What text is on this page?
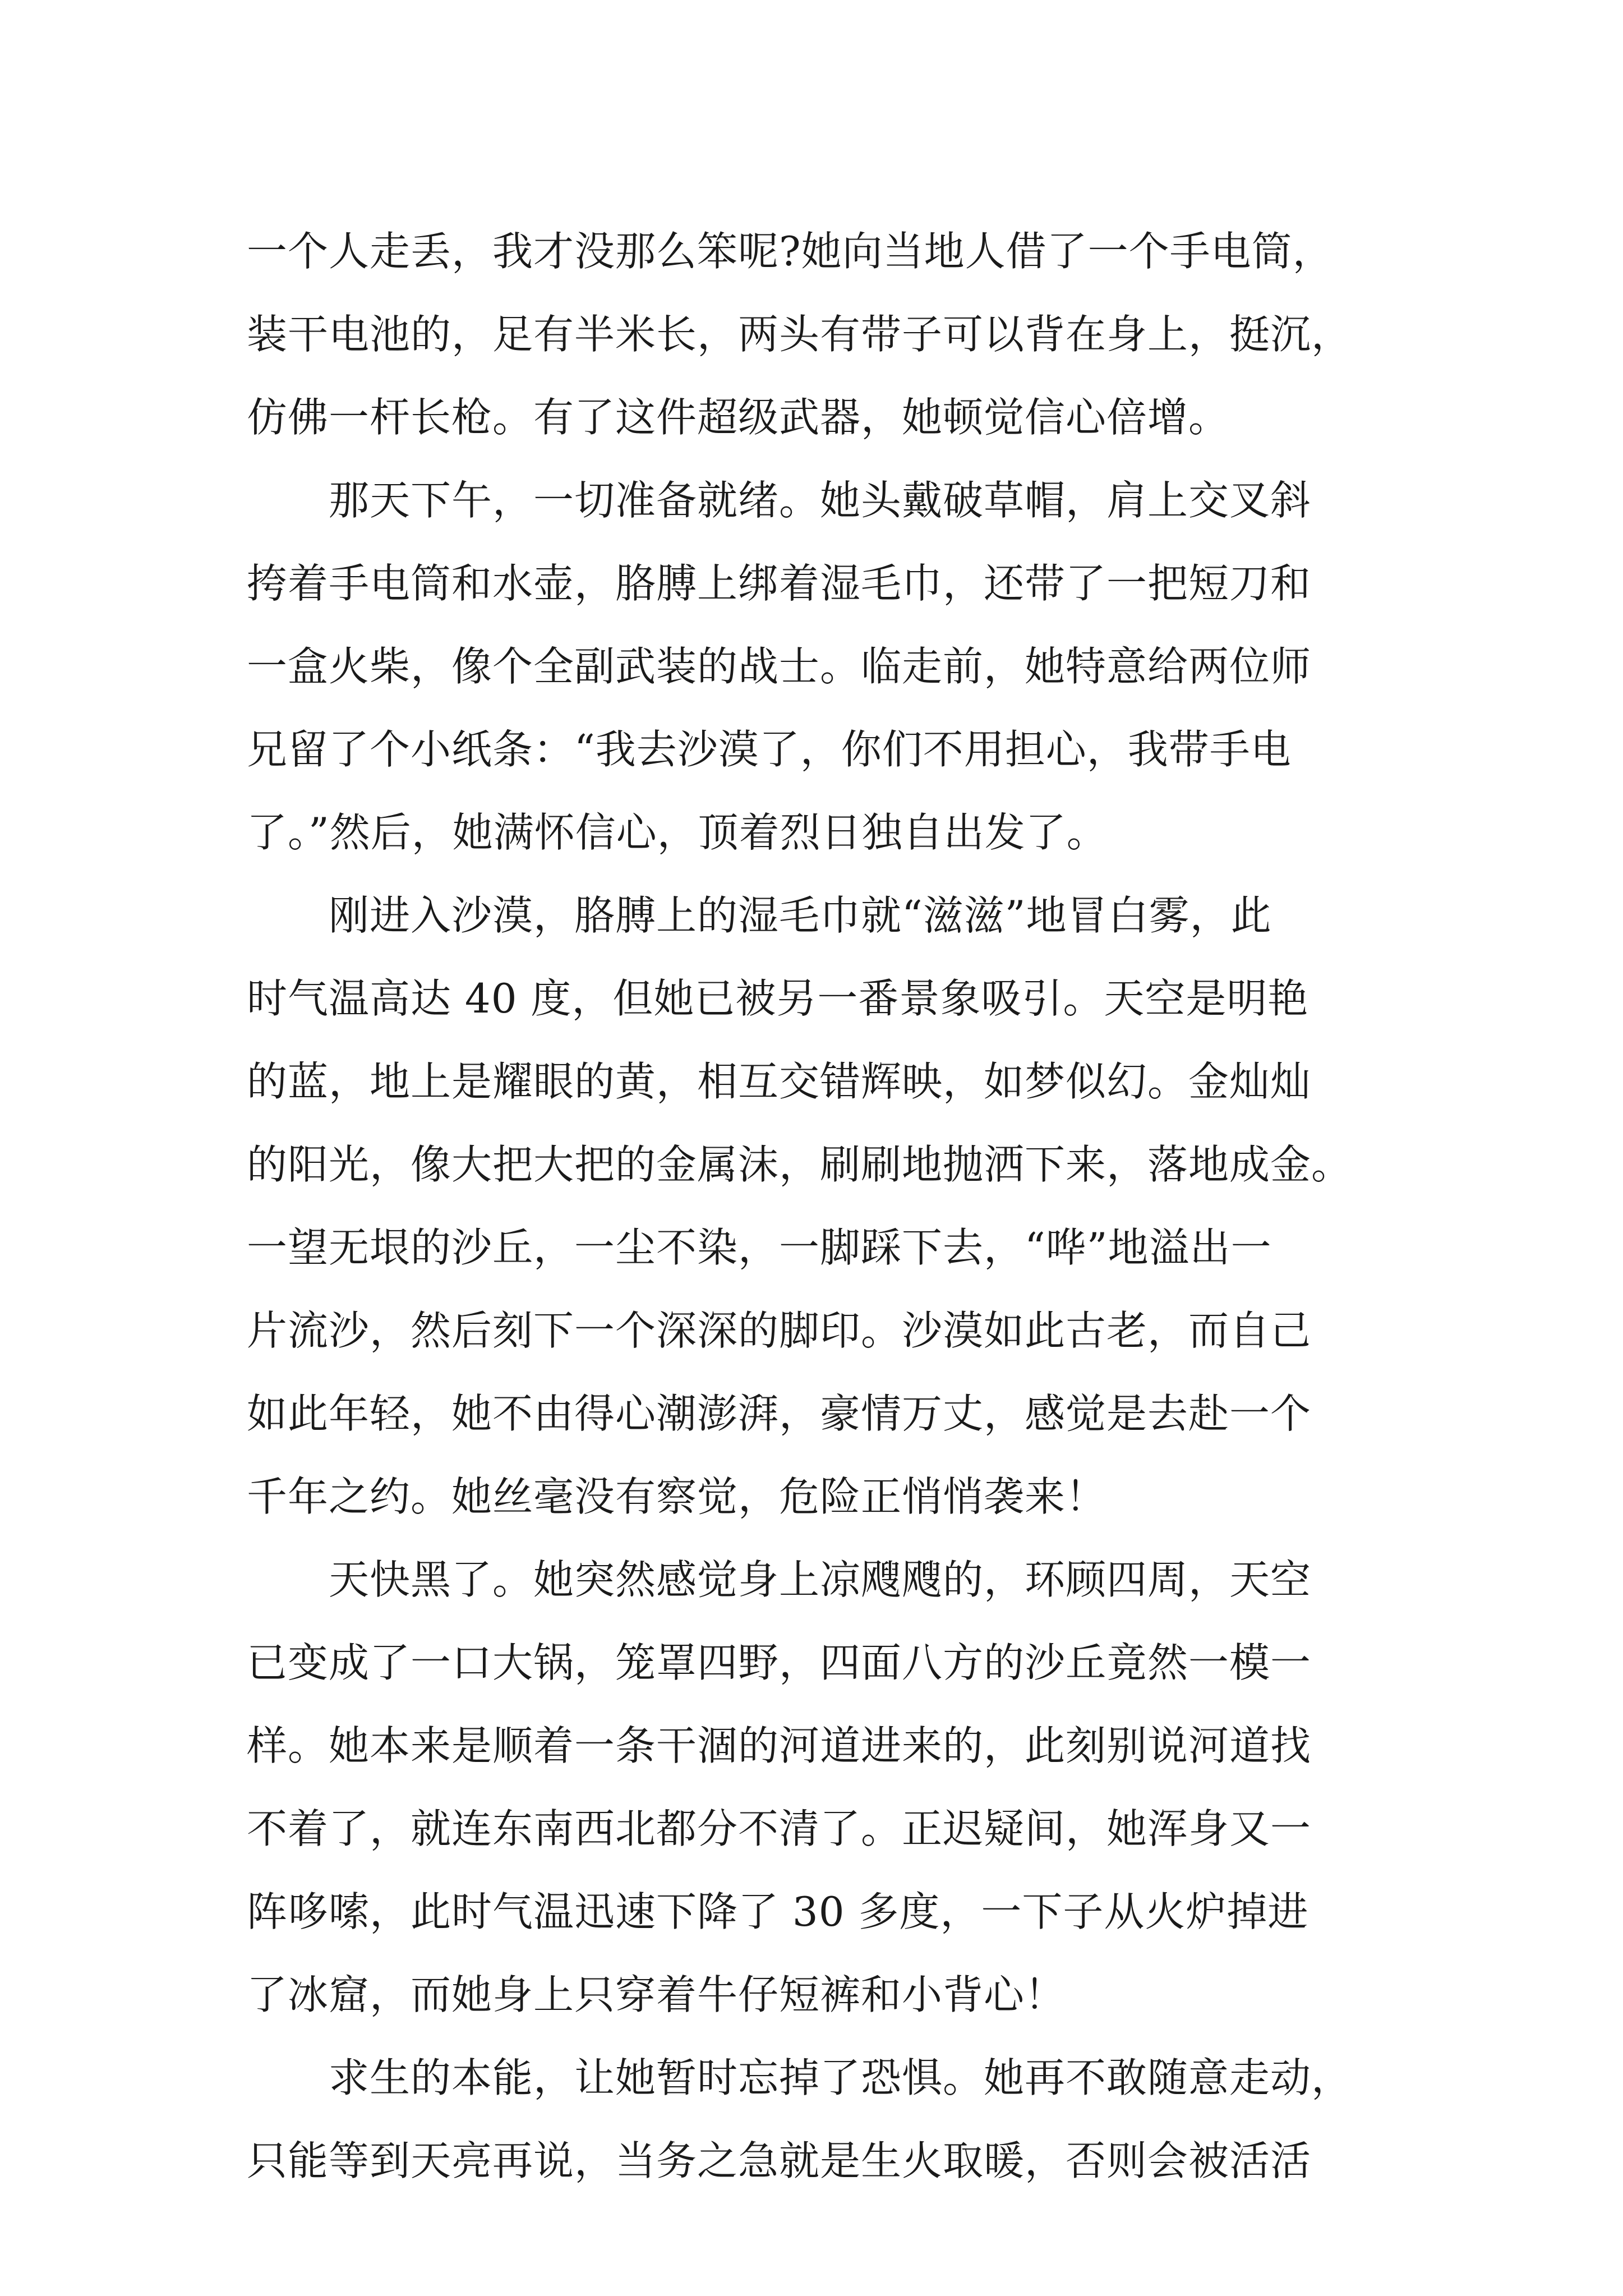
一个人走丢，我才没那么笨呢?她向当地人借了一个手电筒，
装干电池的，足有半米长，两头有带子可以背在身上，挺沉，
仿佛一杆长枪。有了这件超级武器，她顿觉信心倍增。
　　那天下午，一切准备就绪。她头戴破草帽，肩上交叉斜
挎着手电筒和水壶，胳膊上绑着湿毛巾，还带了一把短刀和
一盒火柴，像个全副武装的战士。临走前，她特意给两位师
兄留了个小纸条：“我去沙漠了，你们不用担心，我带手电
了。”然后，她满怀信心，顶着烈日独自出发了。
　　刚进入沙漠，胳膊上的湿毛巾就“滋滋”地冒白雾，此
时气温高达 40 度，但她已被另一番景象吸引。天空是明艳
的蓝，地上是耀眼的黄，相互交错辉映，如梦似幻。金灿灿
的阳光，像大把大把的金属沫，刷刷地抛洒下来，落地成金。
一望无垠的沙丘，一尘不染，一脚踩下去，“哗”地溢出一
片流沙，然后刻下一个深深的脚印。沙漠如此古老，而自己
如此年轻，她不由得心潮澎湃，豪情万丈，感觉是去赴一个
千年之约。她丝毫没有察觉，危险正悄悄袭来！
　　天快黑了。她突然感觉身上凉飕飕的，环顾四周，天空
已变成了一口大锅，笼罩四野，四面八方的沙丘竟然一模一
样。她本来是顺着一条干涸的河道进来的，此刻别说河道找
不着了，就连东南西北都分不清了。正迟疑间，她浑身又一
阵哆嗦，此时气温迅速下降了 30 多度，一下子从火炉掉进
了冰窟，而她身上只穿着牛仔短裤和小背心！
　　求生的本能，让她暂时忘掉了恐惧。她再不敢随意走动，
只能等到天亮再说，当务之急就是生火取暖，否则会被活活
